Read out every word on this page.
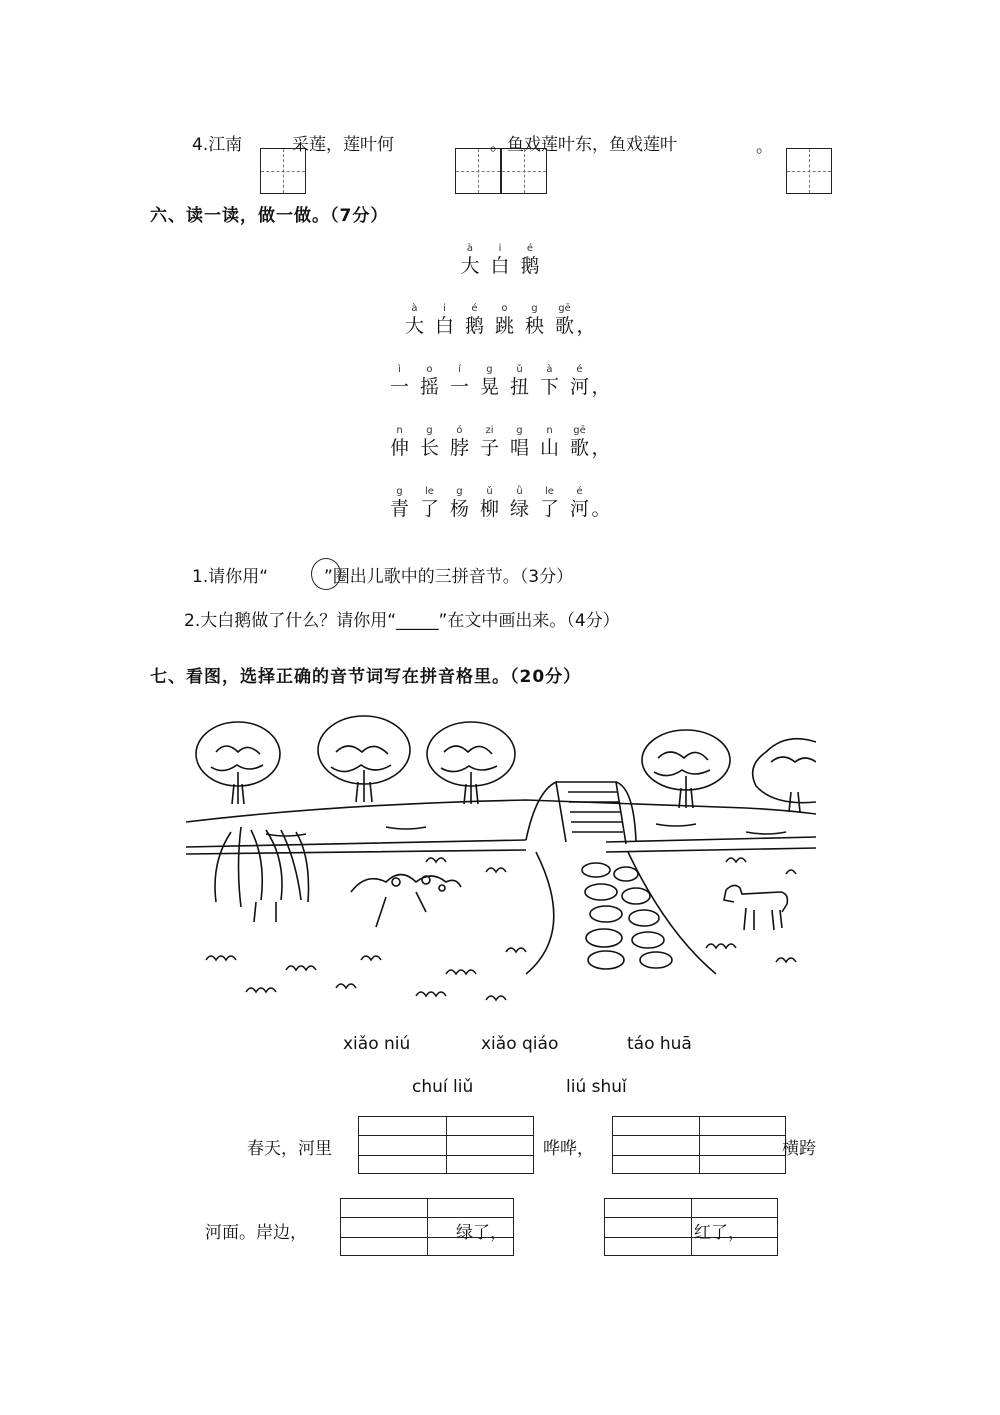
4.江南	采莲，莲叶何	。鱼戏莲叶东，鱼戏莲叶	。
六、读一读，做一做。（7分）
à
大
i
白
é
鹅
à
大
i
白
é
鹅
o
跳
g
秧
gē
歌 ，
ì
一
o
摇
í
一
g
晃
ǔ
扭
à
下
é
河 ，
n
伸
g
长
ó
脖
zi
子
g
唱
n
山
gē
歌 ，
g
青
le
了
g
杨
ǔ
柳
ǜ
绿
le
了
é
河 。
1.请你用“	”圈出儿歌中的三拼音节。（3分）
2.大白鹅做了什么？请你用“_____”在文中画出来。（4分）
七、看图，选择正确的音节词写在拼音格里。（20分）
xiǎo niú	xiǎo qiáo	táo huā
chuí liǔ	liú shuǐ
春天，河里	哗哗，	横跨
河面。岸边，	绿了，	红了，
